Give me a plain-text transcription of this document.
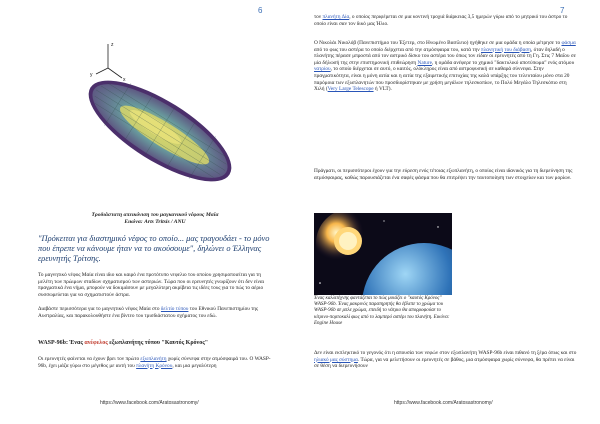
6
z
x
y
Τροδιάστατη απεικόνιση του μαγκανικού νέφους Μαία
Εικόνα: Arts Tritsis / ANU
"Πρόκειται για διαστημικό νέφος το οποίο... μας τραγουδάει - το μόνο που έπρεπε να κάνουμε ήταν να το ακούσουμε", δηλώνει ο Έλληνας ερευνητής Τρίτσης.

Το μαγνητικό νέφος Μαία είναι ιδιο και καιρό ένα προτότυπο νεφελιο του οποίου χρησιμοποιείται για τη μελέτη των πρώιμων σταδίων σχηματισμού των αστεριών. Τώρα που οι ερευνητές γνωρίζουν ότι δεν είναι πραγματικά ένα νήμα, μπορούν να δοκιμάσουν με μεγαλύτερη ακρίβεια τις ιδέες τους για το πώς το αέριο συσσωρεύεται για να σχηματιστούν άστρα.

Διαβάστε περισσότερα για το μαγνητικό νέφος Μαία στο δελτίο τύπου του Εθνικού Πανεπιστημίου της Αυστραλίας, και παρακολουθήστε ένα βίντεο του τρισδιάστατου σχήματος του εδώ.

WASP-96b: Ένας ανέφελος εξωπλανήτης τύπου "Καυτός Κρόνος"

Οι ερευνητές φαίνεται να έχουν βρει τον πρώτο εξωπλανήτη χωρίς σύννεφα στην ατμόσφαιρά του. Ο WASP-96b, έχει μάζα γύρω στο μέγεθος με αυτή του πλανήτη Κρόνου, και μια μεγαλύτερη

https://www.facebook.com/Aratosastronomy/
7

τον πλανήτη Δία, ο οποίος περιφέρεται σε μια κοντινή τροχιά διάρκειας 3,5 ημερών γύρω από το μητρικό του άστρο το οποίο είναι σαν τον δικό μας Ήλιο.

Ο Νικολάι Νικολόβ (Πανεπιστήμιο του Έξετερ, στο Ηνωμένο Βασίλειο) ηγήθηκε σε μια ομάδα η οποία μέτρησε το φάσμα από το φως του αστέρα το οποίο διέρχεται από την ατμόσφαιρα του, κατά την πλανητική του διάβαση, όταν δηλαδή ο πλανήτης πέρασε μπροστά από τον αστρικό δίσκο του αστέρα του όπως τον είδαν οι ερευνητές από τη Γη. Στις 7 Μαΐου σε μία δήλωσή της στην επιστημονική επιθεώρηση Nature, η ομάδα ανέφερε το χημικό "δακτυλικό αποτύπωμα" ενός ατόμου νατρίου, το οποίο διέρχεται σε αυτό, ο καιτός, ολόκληρος είναι από αστροφυσική σε καθαρά σύννεφα. Στην πραγματικότητα, είναι η μόνη αιτία και η αιτία της εξαιρετικής επιτυχίας της καλά υπάρξης του τελευταίου μόνο στα 20 παρόμοια των εξωπλανητών που προσδιορίστηκαν με χρήση μεγάλων τηλεσκοπίων, το Πολύ Μεγάλο Τηλεσκόπιο στη Χιλή (Very Large Telescope ή VLT).

Πράγματι, οι περισσότεροι έχουν για την εύρεση ενός τέτοιας εξωπλανήτη, ο οποίος είναι ιδανικός για τη διερεύνηση της ατμόσφαιρας, καθώς παρουσιάζεται ένα σαφές φάσμα που θα επιτρέψει την ταυτοποίηση των στοιχείων και των μορίων.

Ένας καλλιτέχνης φαντάζεται το πώς μοιάζει ο "καυτός Κρόνος" WASP-96b. Ένας μακρινός παρατηρητής θα έβλεπε το χρώμα του WASP-96b σε μπλε χρώμα, επειδή το νάτριο θα απορροφούσε το κίτρινο-πορτοκαλί φως από το λαμπερό αστέρι του πλανήτη. Εικόνα: Engine House

Δεν είναι εκπληκτικό το γεγονός ότι η απουσία των νεφών στον εξωπλανήτη WASP-96b είναι πιθανό τη ξέρα όπως και στο ηλιακό μας σύστημα. Τώρα, για να μελετήσουν οι ερευνητές σε βάθος, μια ατμόσφαιρα χωρίς σύννεφα, θα πρέπει να είναι σε θέση να διερευνήσουν

https://www.facebook.com/Aratosastronomy/
